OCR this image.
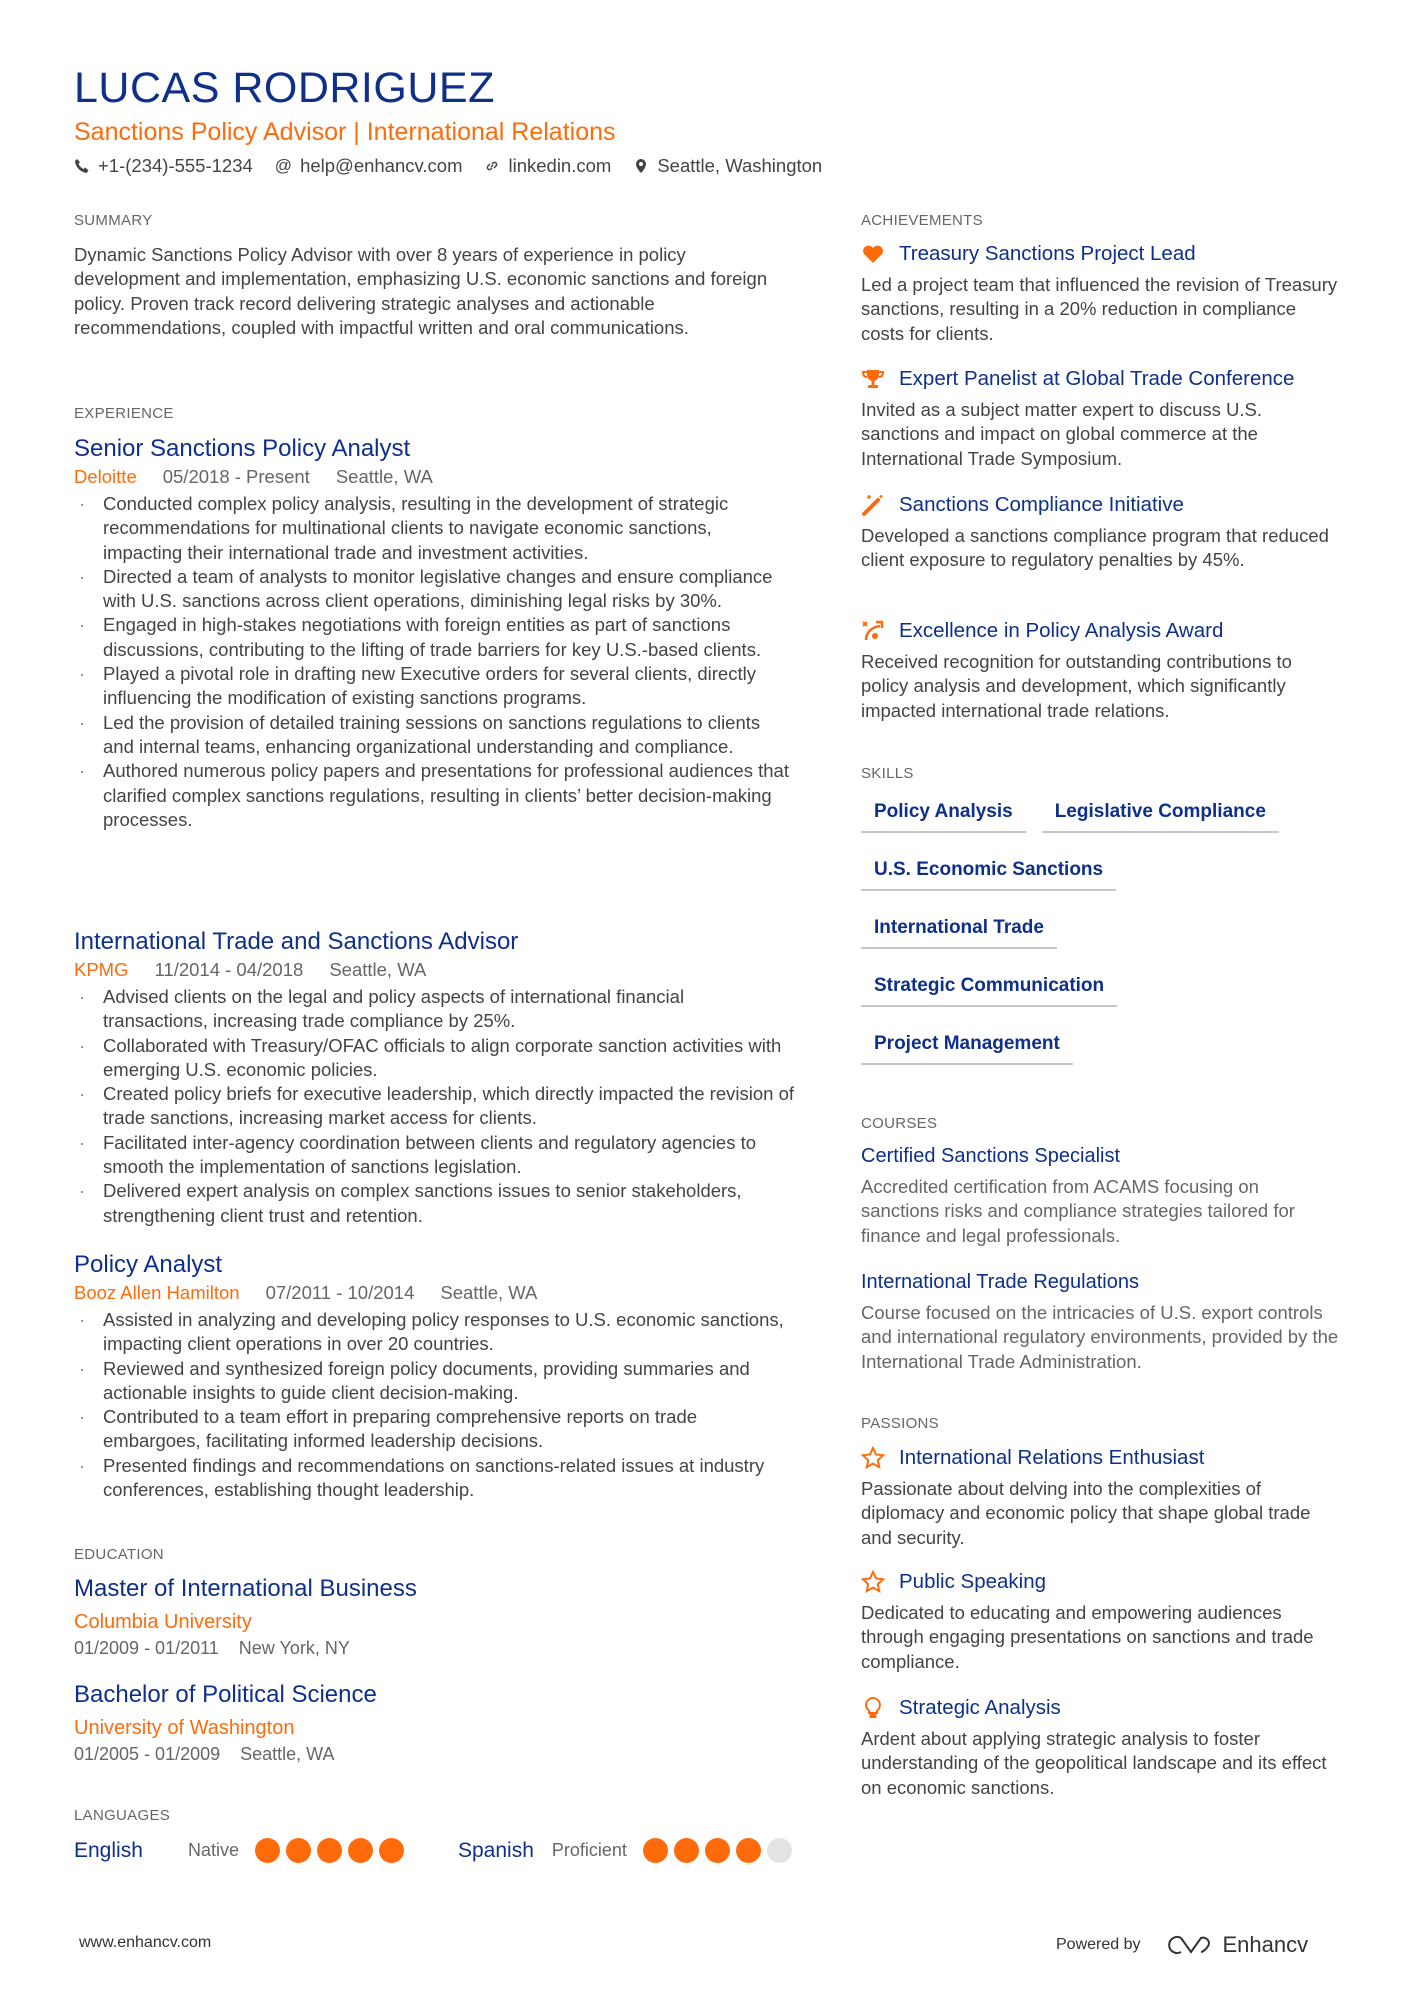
LUCAS RODRIGUEZ
Sanctions Policy Advisor | International Relations
+1-(234)-555-1234 @ help@enhancv.com linkedin.com Seattle, Washington
SUMMARY
Dynamic Sanctions Policy Advisor with over 8 years of experience in policy development and implementation, emphasizing U.S. economic sanctions and foreign policy. Proven track record delivering strategic analyses and actionable recommendations, coupled with impactful written and oral communications.
EXPERIENCE
Senior Sanctions Policy Analyst
Deloitte 05/2018 - Present Seattle, WA
· Conducted complex policy analysis, resulting in the development of strategic recommendations for multinational clients to navigate economic sanctions, impacting their international trade and investment activities.
· Directed a team of analysts to monitor legislative changes and ensure compliance with U.S. sanctions across client operations, diminishing legal risks by 30%.
· Engaged in high-stakes negotiations with foreign entities as part of sanctions discussions, contributing to the lifting of trade barriers for key U.S.-based clients.
· Played a pivotal role in drafting new Executive orders for several clients, directly influencing the modification of existing sanctions programs.
· Led the provision of detailed training sessions on sanctions regulations to clients and internal teams, enhancing organizational understanding and compliance.
· Authored numerous policy papers and presentations for professional audiences that clarified complex sanctions regulations, resulting in clients’ better decision-making processes.
International Trade and Sanctions Advisor
KPMG 11/2014 - 04/2018 Seattle, WA
· Advised clients on the legal and policy aspects of international financial transactions, increasing trade compliance by 25%.
· Collaborated with Treasury/OFAC officials to align corporate sanction activities with emerging U.S. economic policies.
· Created policy briefs for executive leadership, which directly impacted the revision of trade sanctions, increasing market access for clients.
· Facilitated inter-agency coordination between clients and regulatory agencies to smooth the implementation of sanctions legislation.
· Delivered expert analysis on complex sanctions issues to senior stakeholders, strengthening client trust and retention.
Policy Analyst
Booz Allen Hamilton 07/2011 - 10/2014 Seattle, WA
· Assisted in analyzing and developing policy responses to U.S. economic sanctions, impacting client operations in over 20 countries.
· Reviewed and synthesized foreign policy documents, providing summaries and actionable insights to guide client decision-making.
· Contributed to a team effort in preparing comprehensive reports on trade embargoes, facilitating informed leadership decisions.
· Presented findings and recommendations on sanctions-related issues at industry conferences, establishing thought leadership.
EDUCATION
Master of International Business
Columbia University
01/2009 - 01/2011 New York, NY
Bachelor of Political Science
University of Washington
01/2005 - 01/2009 Seattle, WA
LANGUAGES
English	Native	Spanish Proficient
ACHIEVEMENTS
Treasury Sanctions Project Lead
Led a project team that influenced the revision of Treasury sanctions, resulting in a 20% reduction in compliance costs for clients.
Expert Panelist at Global Trade Conference
Invited as a subject matter expert to discuss U.S. sanctions and impact on global commerce at the International Trade Symposium.
Sanctions Compliance Initiative
Developed a sanctions compliance program that reduced client exposure to regulatory penalties by 45%.
Excellence in Policy Analysis Award
Received recognition for outstanding contributions to policy analysis and development, which significantly impacted international trade relations.
SKILLS
Policy Analysis	Legislative Compliance
U.S. Economic Sanctions
International Trade
Strategic Communication
Project Management
COURSES
Certified Sanctions Specialist
Accredited certification from ACAMS focusing on sanctions risks and compliance strategies tailored for finance and legal professionals.
International Trade Regulations
Course focused on the intricacies of U.S. export controls and international regulatory environments, provided by the International Trade Administration.
PASSIONS
International Relations Enthusiast
Passionate about delving into the complexities of diplomacy and economic policy that shape global trade and security.
Public Speaking
Dedicated to educating and empowering audiences through engaging presentations on sanctions and trade compliance.
Strategic Analysis
Ardent about applying strategic analysis to foster understanding of the geopolitical landscape and its effect on economic sanctions.
www.enhancv.com	Powered by	Enhancv
